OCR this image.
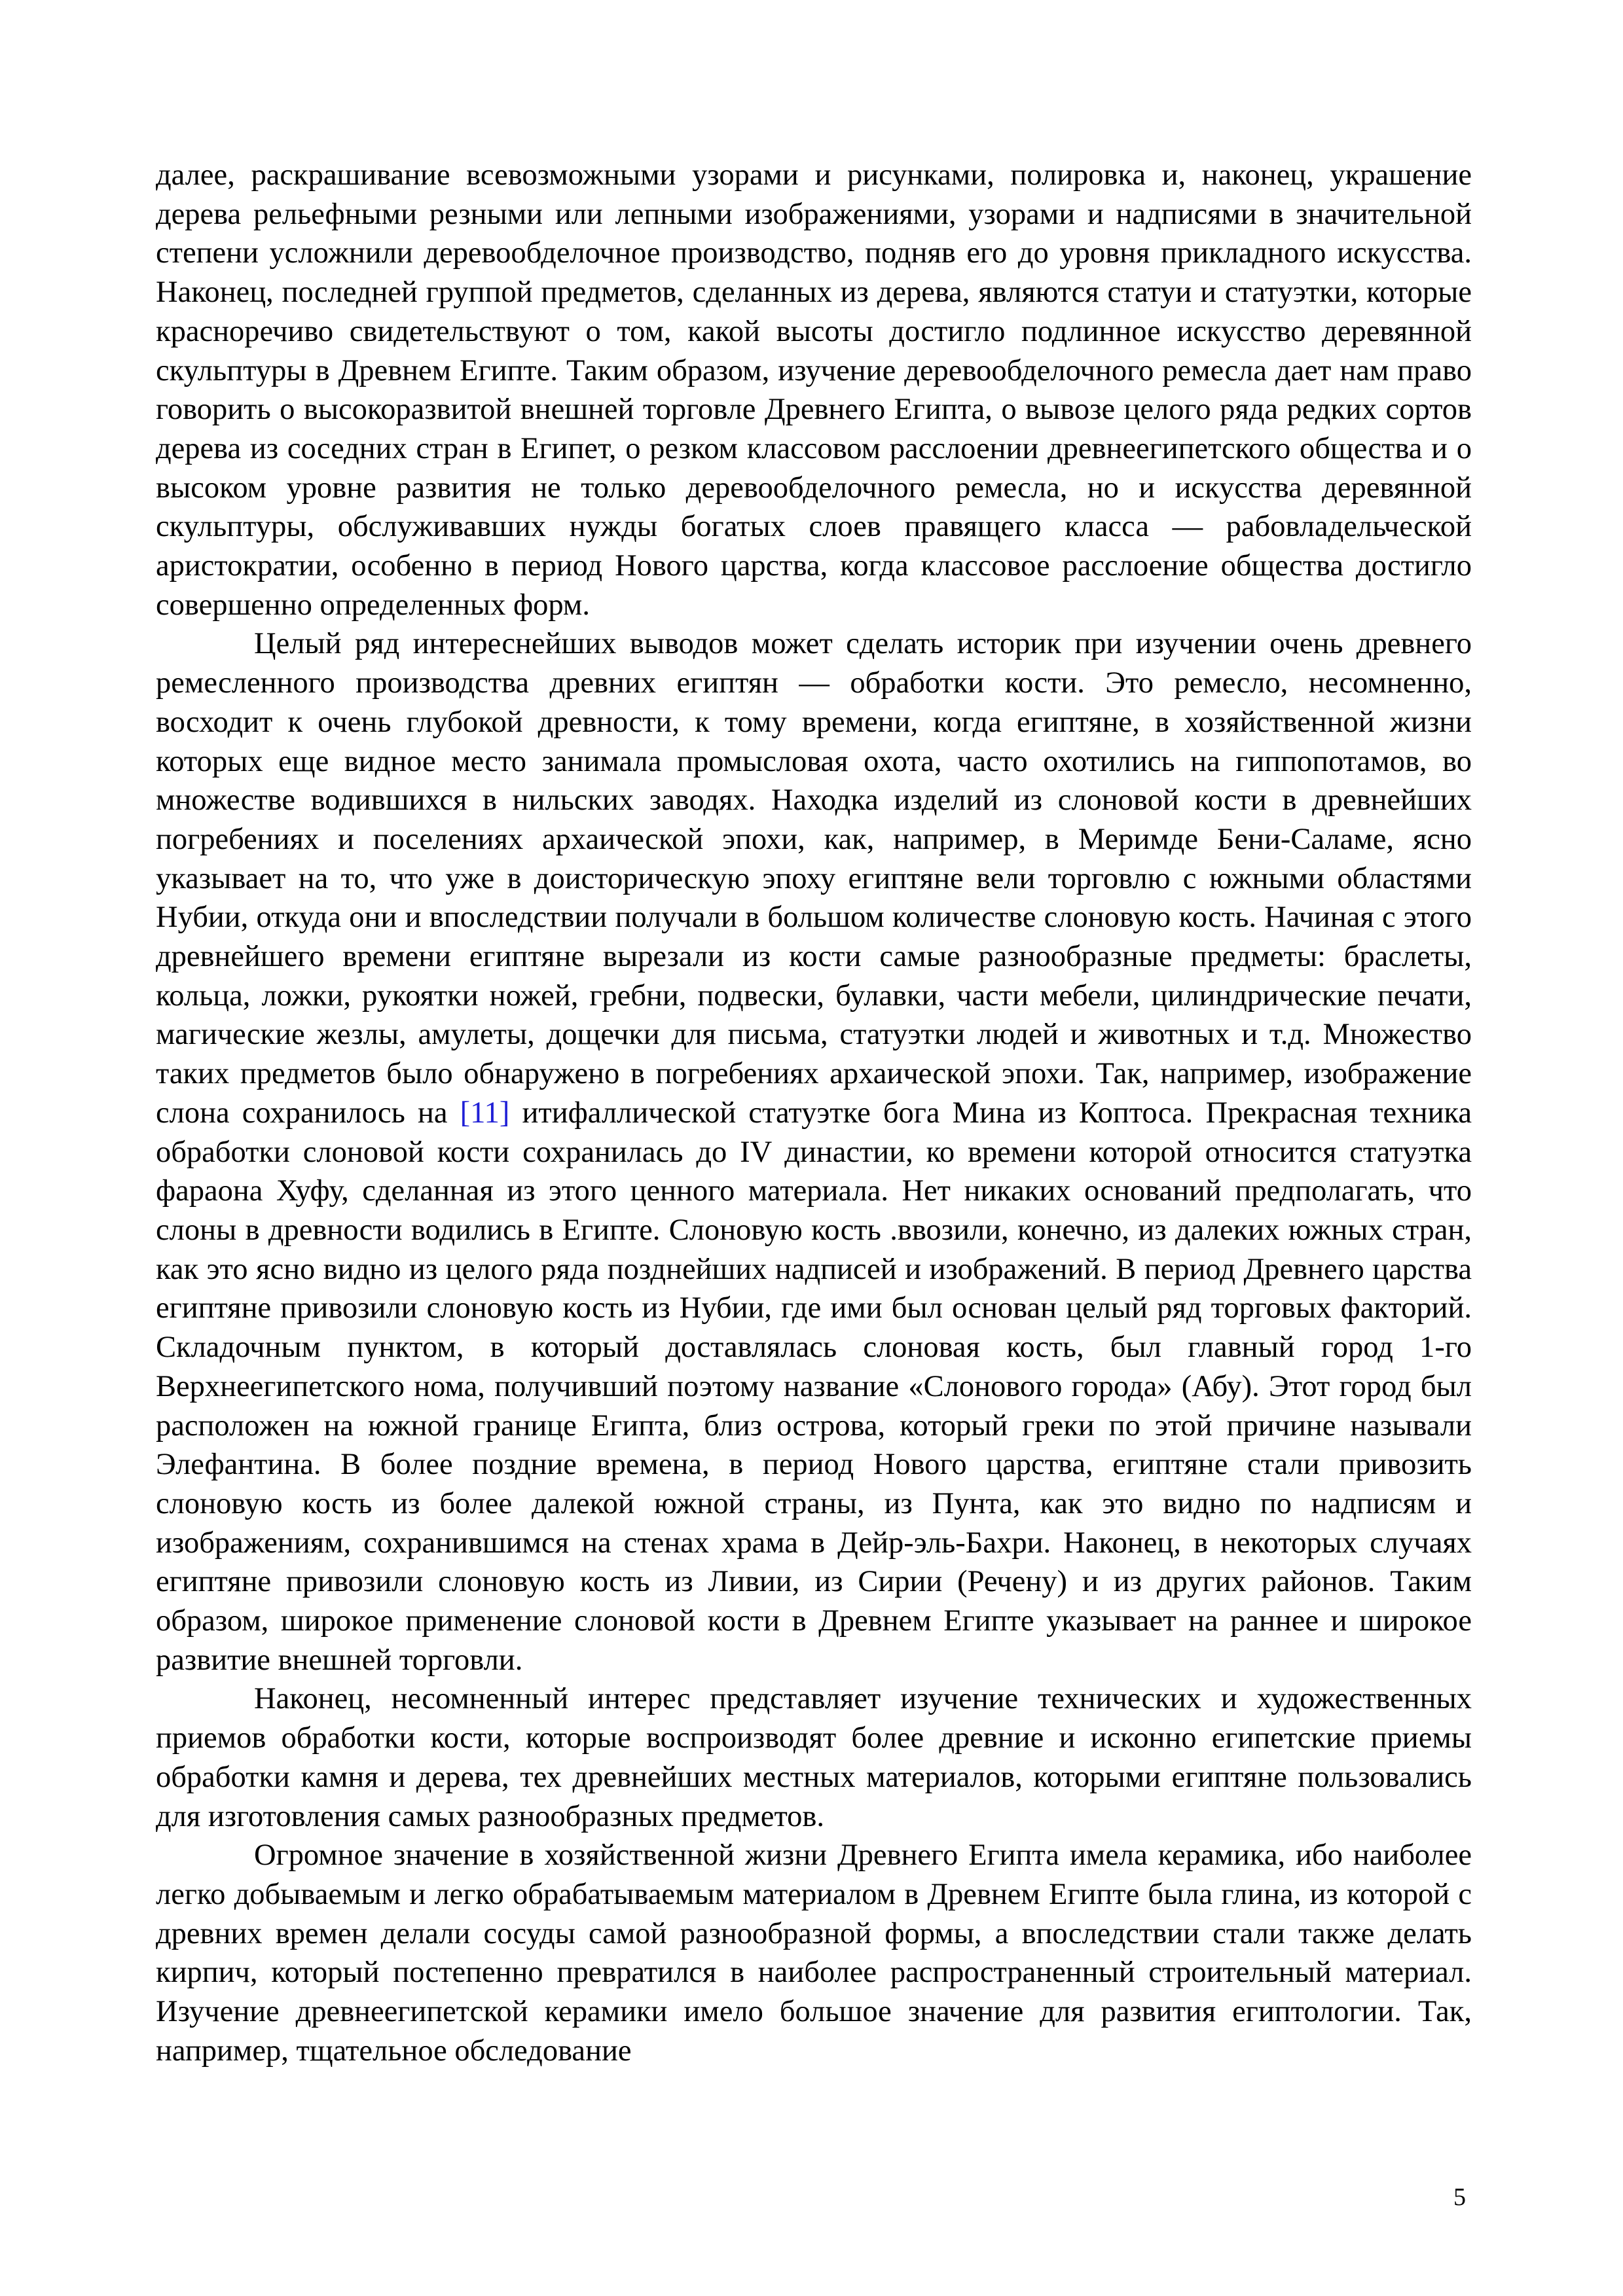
далее, раскрашивание всевозможными узорами и рисунками, полировка и, наконец, украшение дерева рельефными резными или лепными изображениями, узорами и надписями в значительной степени усложнили деревообделочное производство, подняв его до уровня прикладного искусства. Наконец, последней группой предметов, сделанных из дерева, являются статуи и статуэтки, которые красноречиво свидетельствуют о том, какой высоты достигло подлинное искусство деревянной скульптуры в Древнем Египте. Таким образом, изучение деревообделочного ремесла дает нам право говорить о высокоразвитой внешней торговле Древнего Египта, о вывозе целого ряда редких сортов дерева из соседних стран в Египет, о резком классовом расслоении древнеегипетского общества и о высоком уровне развития не только деревообделочного ремесла, но и искусства деревянной скульптуры, обслуживавших нужды богатых слоев правящего класса — рабовладельческой аристократии, особенно в период Нового царства, когда классовое расслоение общества достигло совершенно определенных форм.

Целый ряд интереснейших выводов может сделать историк при изучении очень древнего ремесленного производства древних египтян — обработки кости. Это ремесло, несомненно, восходит к очень глубокой древности, к тому времени, когда египтяне, в хозяйственной жизни которых еще видное место занимала промысловая охота, часто охотились на гиппопотамов, во множестве водившихся в нильских заводях. Находка изделий из слоновой кости в древнейших погребениях и поселениях архаической эпохи, как, например, в Меримде Бени-Саламе, ясно указывает на то, что уже в доисторическую эпоху египтяне вели торговлю с южными областями Нубии, откуда они и впоследствии получали в большом количестве слоновую кость. Начиная с этого древнейшего времени египтяне вырезали из кости самые разнообразные предметы: браслеты, кольца, ложки, рукоятки ножей, гребни, подвески, булавки, части мебели, цилиндрические печати, магические жезлы, амулеты, дощечки для письма, статуэтки людей и животных и т.д. Множество таких предметов было обнаружено в погребениях архаической эпохи. Так, например, изображение слона сохранилось на [11] итифаллической статуэтке бога Мина из Коптоса. Прекрасная техника обработки слоновой кости сохранилась до IV династии, ко времени которой относится статуэтка фараона Хуфу, сделанная из этого ценного материала. Нет никаких оснований предполагать, что слоны в древности водились в Египте. Слоновую кость .ввозили, конечно, из далеких южных стран, как это ясно видно из целого ряда позднейших надписей и изображений. В период Древнего царства египтяне привозили слоновую кость из Нубии, где ими был основан целый ряд торговых факторий. Складочным пунктом, в который доставлялась слоновая кость, был главный город 1-го Верхнеегипетского нома, получивший поэтому название «Слонового города» (Абу). Этот город был расположен на южной границе Египта, близ острова, который греки по этой причине называли Элефантина. В более поздние времена, в период Нового царства, египтяне стали привозить слоновую кость из более далекой южной страны, из Пунта, как это видно по надписям и изображениям, сохранившимся на стенах храма в Дейр-эль-Бахри. Наконец, в некоторых случаях египтяне привозили слоновую кость из Ливии, из Сирии (Речену) и из других районов. Таким образом, широкое применение слоновой кости в Древнем Египте указывает на раннее и широкое развитие внешней торговли.

Наконец, несомненный интерес представляет изучение технических и художественных приемов обработки кости, которые воспроизводят более древние и исконно египетские приемы обработки камня и дерева, тех древнейших местных материалов, которыми египтяне пользовались для изготовления самых разнообразных предметов.

Огромное значение в хозяйственной жизни Древнего Египта имела керамика, ибо наиболее легко добываемым и легко обрабатываемым материалом в Древнем Египте была глина, из которой с древних времен делали сосуды самой разнообразной формы, а впоследствии стали также делать кирпич, который постепенно превратился в наиболее распространенный строительный материал. Изучение древнеегипетской керамики имело большое значение для развития египтологии. Так, например, тщательное обследование

5
